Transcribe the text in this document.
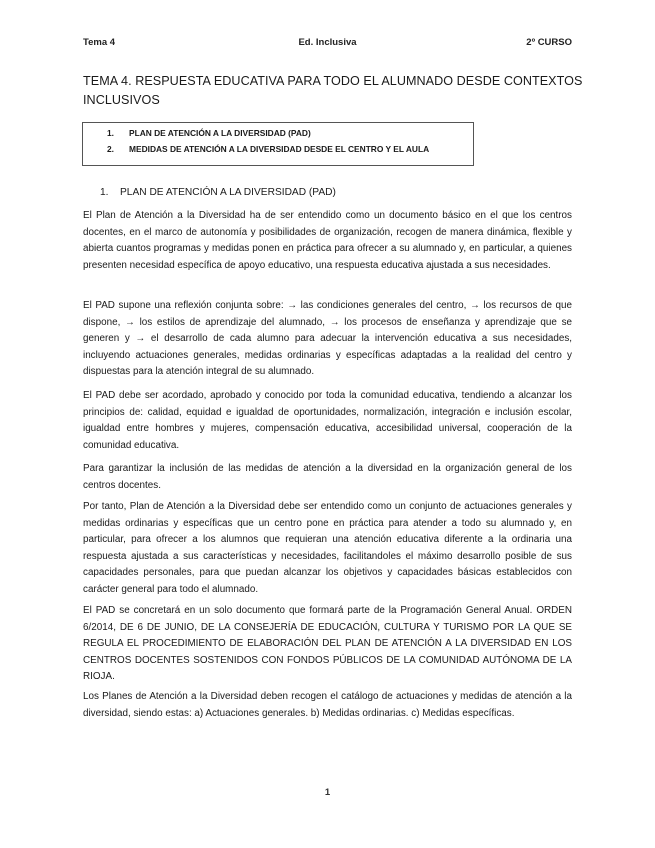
Tema 4	Ed. Inclusiva	2º CURSO
TEMA 4. RESPUESTA EDUCATIVA PARA TODO EL ALUMNADO DESDE CONTEXTOS INCLUSIVOS
1. PLAN DE ATENCIÓN A LA DIVERSIDAD (PAD)
2. MEDIDAS DE ATENCIÓN A LA DIVERSIDAD DESDE EL CENTRO Y EL AULA
1. PLAN DE ATENCIÓN A LA DIVERSIDAD (PAD)

El Plan de Atención a la Diversidad ha de ser entendido como un documento básico en el que los centros docentes, en el marco de autonomía y posibilidades de organización, recogen de manera dinámica, flexible y abierta cuantos programas y medidas ponen en práctica para ofrecer a su alumnado y, en particular, a quienes presenten necesidad específica de apoyo educativo, una respuesta educativa ajustada a sus necesidades.

El PAD supone una reflexión conjunta sobre: → las condiciones generales del centro, → los recursos de que dispone, → los estilos de aprendizaje del alumnado, → los procesos de enseñanza y aprendizaje que se generen y → el desarrollo de cada alumno para adecuar la intervención educativa a sus necesidades, incluyendo actuaciones generales, medidas ordinarias y específicas adaptadas a la realidad del centro y dispuestas para la atención integral de su alumnado.

El PAD debe ser acordado, aprobado y conocido por toda la comunidad educativa, tendiendo a alcanzar los principios de: calidad, equidad e igualdad de oportunidades, normalización, integración e inclusión escolar, igualdad entre hombres y mujeres, compensación educativa, accesibilidad universal, cooperación de la comunidad educativa.

Para garantizar la inclusión de las medidas de atención a la diversidad en la organización general de los centros docentes.

Por tanto, Plan de Atención a la Diversidad debe ser entendido como un conjunto de actuaciones generales y medidas ordinarias y específicas que un centro pone en práctica para atender a todo su alumnado y, en particular, para ofrecer a los alumnos que requieran una atención educativa diferente a la ordinaria una respuesta ajustada a sus características y necesidades, facilitandoles el máximo desarrollo posible de sus capacidades personales, para que puedan alcanzar los objetivos y capacidades básicas establecidos con carácter general para todo el alumnado.

El PAD se concretará en un solo documento que formará parte de la Programación General Anual. ORDEN 6/2014, DE 6 DE JUNIO, DE LA CONSEJERÍA DE EDUCACIÓN, CULTURA Y TURISMO POR LA QUE SE REGULA EL PROCEDIMIENTO DE ELABORACIÓN DEL PLAN DE ATENCIÓN A LA DIVERSIDAD EN LOS CENTROS DOCENTES SOSTENIDOS CON FONDOS PÚBLICOS DE LA COMUNIDAD AUTÓNOMA DE LA RIOJA.

Los Planes de Atención a la Diversidad deben recogen el catálogo de actuaciones y medidas de atención a la diversidad, siendo estas: a) Actuaciones generales. b) Medidas ordinarias. c) Medidas específicas.

1
